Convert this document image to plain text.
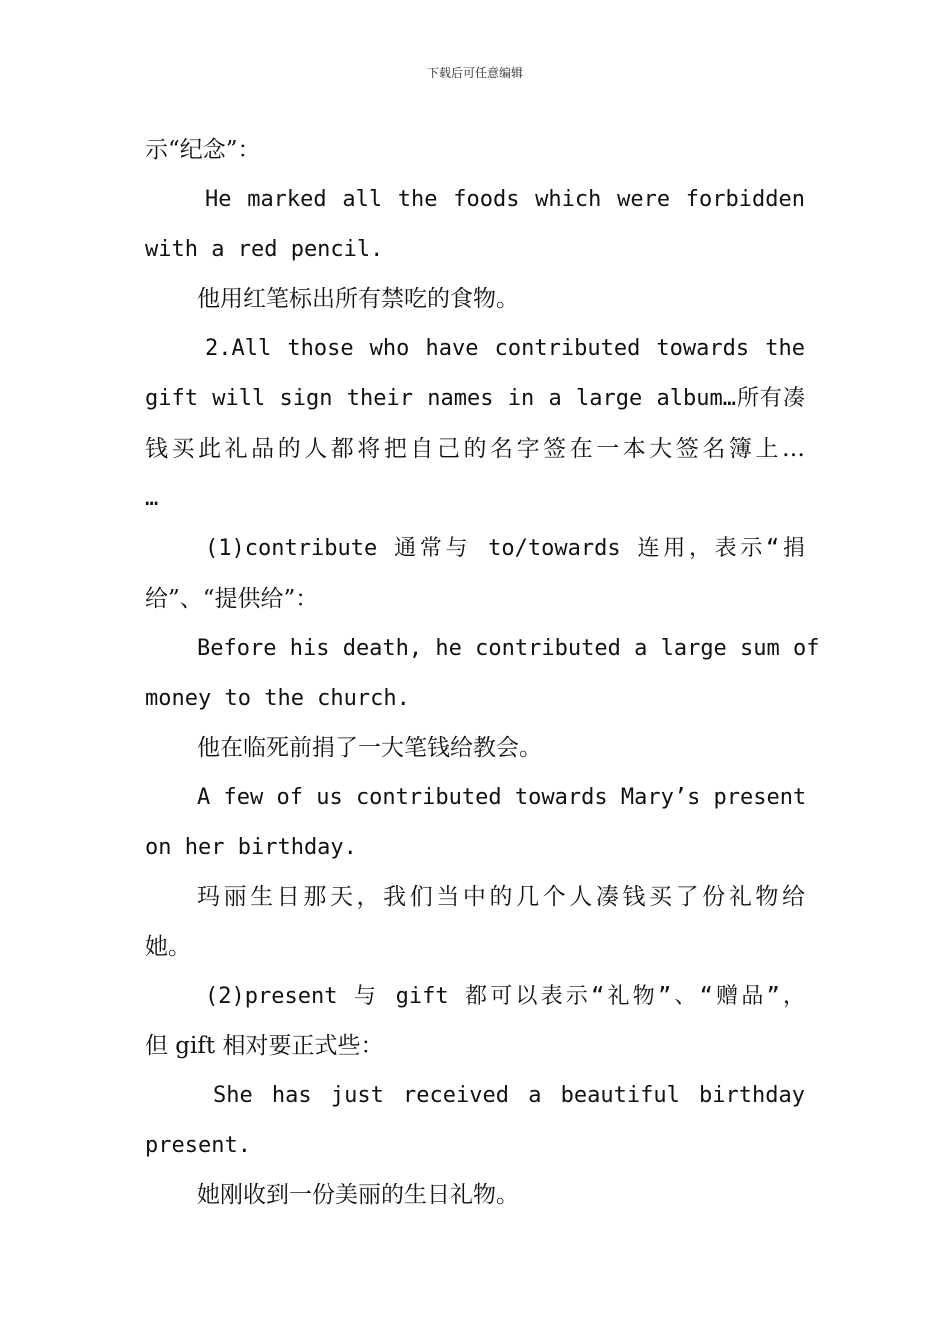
下载后可任意编辑
示“纪念”：
He marked all the foods which were forbidden
with a red pencil.
他用红笔标出所有禁吃的食物。
2.All those who have contributed towards the
gift will sign their names in a large album…所有凑
钱买此礼品的人都将把自己的名字签在一本大签名簿上…
…
(1)contribute 通常与 to/towards 连用，表示“捐
给”、“提供给”：
Before his death, he contributed a large sum of
money to the church.
他在临死前捐了一大笔钱给教会。
A few of us contributed towards Mary’s present
on her birthday.
玛丽生日那天，我们当中的几个人凑钱买了份礼物给
她。
(2)present 与 gift 都可以表示“礼物”、“赠品”，
但 gift 相对要正式些：
She has just received a beautiful birthday
present.
她刚收到一份美丽的生日礼物。
